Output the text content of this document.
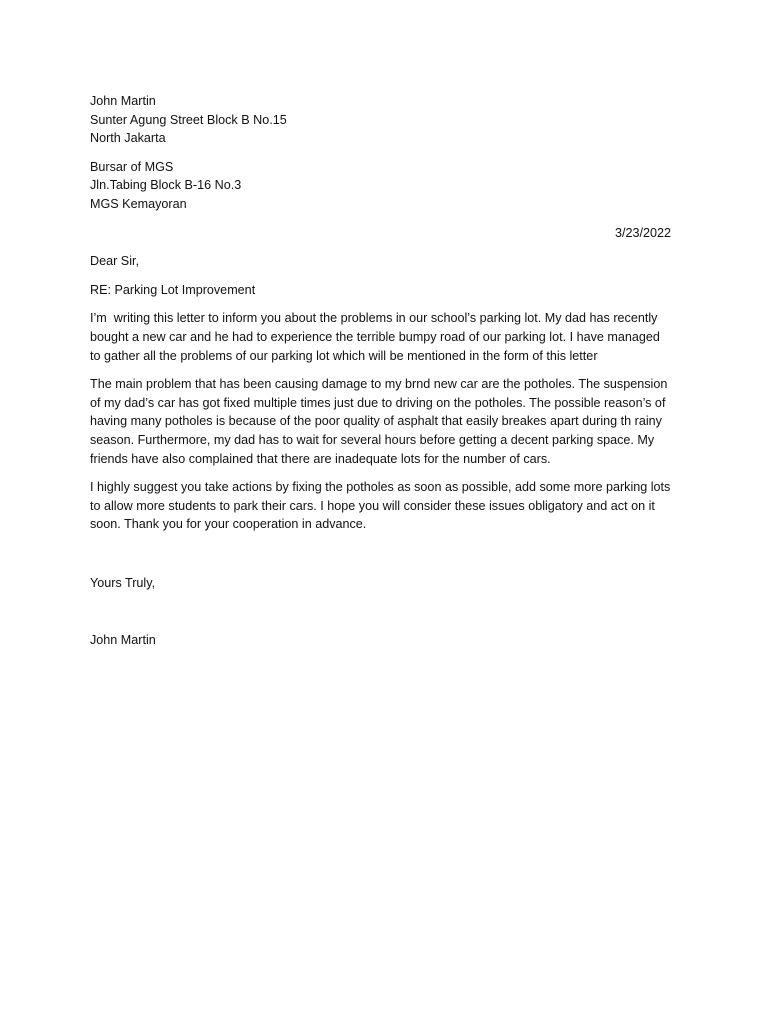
John Martin
Sunter Agung Street Block B No.15
North Jakarta
Bursar of MGS
Jln.Tabing Block B-16 No.3
MGS Kemayoran
3/23/2022
Dear Sir,
RE: Parking Lot Improvement

I’m  writing this letter to inform you about the problems in our school’s parking lot. My dad has recently
bought a new car and he had to experience the terrible bumpy road of our parking lot. I have managed
to gather all the problems of our parking lot which will be mentioned in the form of this letter

The main problem that has been causing damage to my brnd new car are the potholes. The suspension
of my dad’s car has got fixed multiple times just due to driving on the potholes. The possible reason’s of
having many potholes is because of the poor quality of asphalt that easily breakes apart during th rainy
season. Furthermore, my dad has to wait for several hours before getting a decent parking space. My
friends have also complained that there are inadequate lots for the number of cars.

I highly suggest you take actions by fixing the potholes as soon as possible, add some more parking lots
to allow more students to park their cars. I hope you will consider these issues obligatory and act on it
soon. Thank you for your cooperation in advance.

Yours Truly,
John Martin
